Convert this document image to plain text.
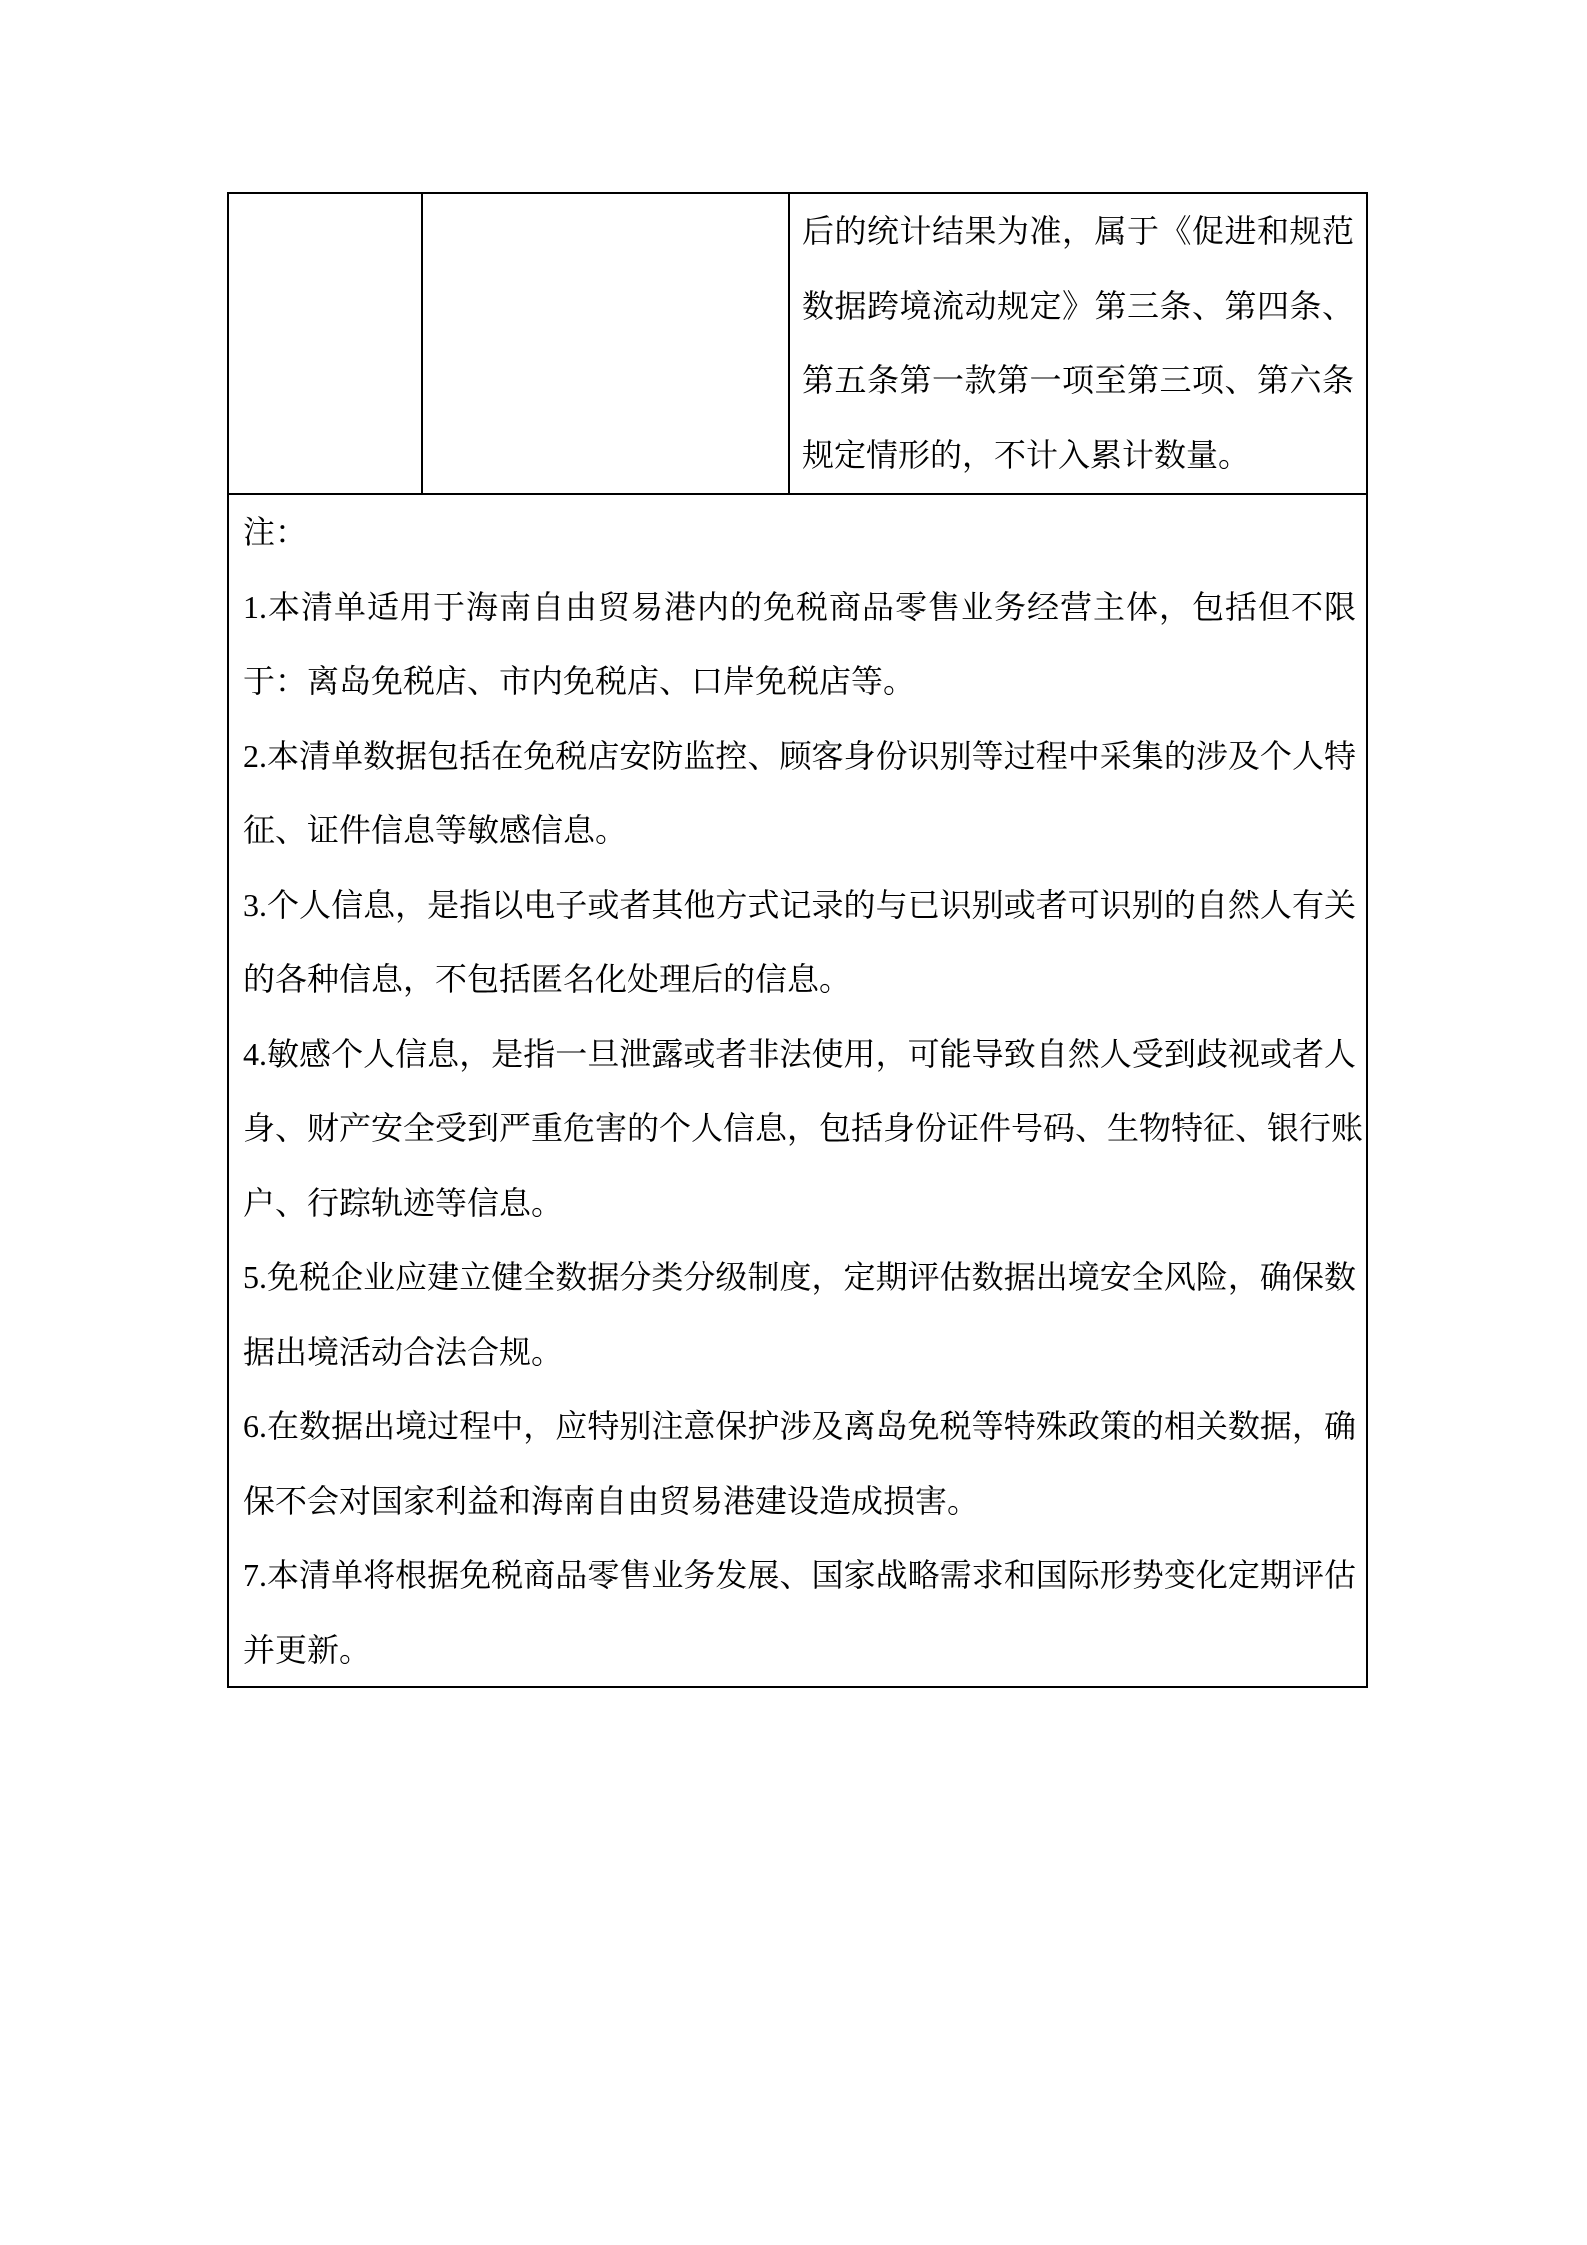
后的统计结果为准，属于《促进和规范
数据跨境流动规定》第三条、第四条、
第五条第一款第一项至第三项、第六条
规定情形的，不计入累计数量。
注：
1.本清单适用于海南自由贸易港内的免税商品零售业务经营主体，包括但不限
于：离岛免税店、市内免税店、口岸免税店等。
2.本清单数据包括在免税店安防监控、顾客身份识别等过程中采集的涉及个人特
征、证件信息等敏感信息。
3.个人信息，是指以电子或者其他方式记录的与已识别或者可识别的自然人有关
的各种信息，不包括匿名化处理后的信息。
4.敏感个人信息，是指一旦泄露或者非法使用，可能导致自然人受到歧视或者人
身、财产安全受到严重危害的个人信息，包括身份证件号码、生物特征、银行账
户、行踪轨迹等信息。
5.免税企业应建立健全数据分类分级制度，定期评估数据出境安全风险，确保数
据出境活动合法合规。
6.在数据出境过程中，应特别注意保护涉及离岛免税等特殊政策的相关数据，确
保不会对国家利益和海南自由贸易港建设造成损害。
7.本清单将根据免税商品零售业务发展、国家战略需求和国际形势变化定期评估
并更新。
